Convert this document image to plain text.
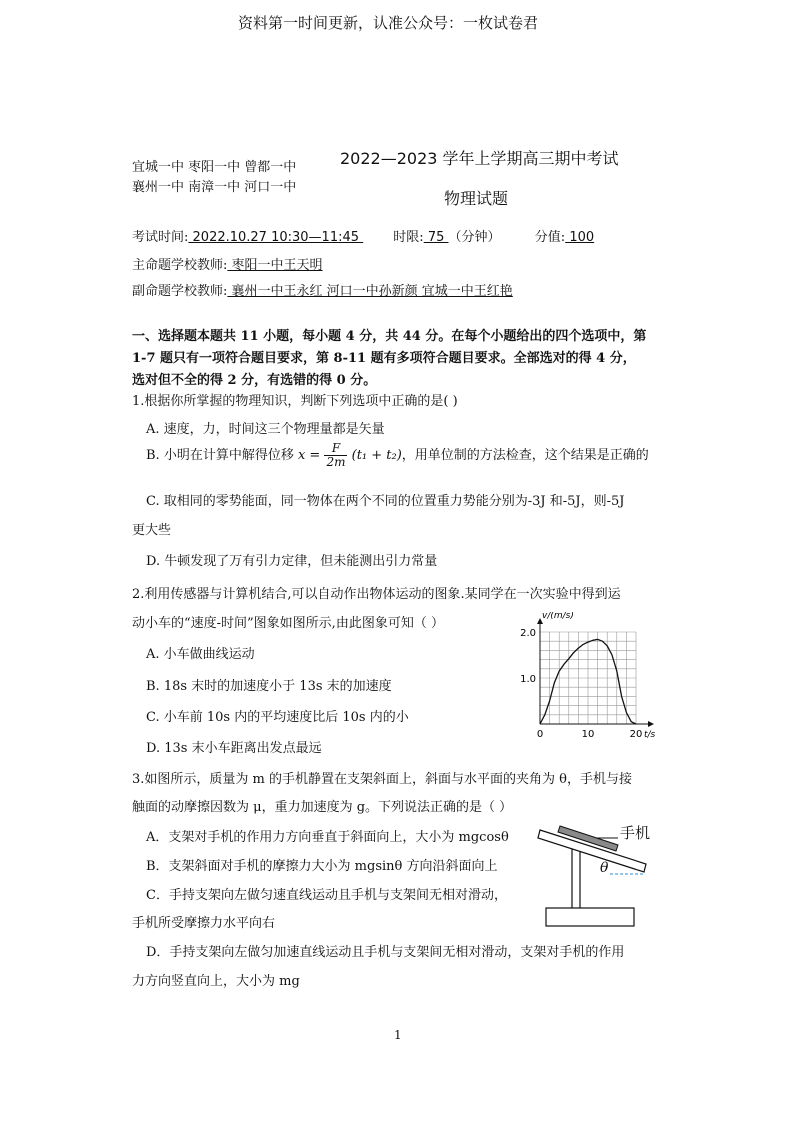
资料第一时间更新，认准公众号：一枚试卷君
宜城一中 枣阳一中 曾都一中
襄州一中 南漳一中 河口一中
2022—2023 学年上学期高三期中考试
物理试题
考试时间: 2022.10.27 10:30—11:45  时限: 75 （分钟）	分值: 100
主命题学校教师: 枣阳一中王天明
副命题学校教师: 襄州一中王永红 河口一中孙新颜 宜城一中王红艳
一、选择题本题共 11 小题，每小题 4 分，共 44 分。在每个小题给出的四个选项中，第
1-7 题只有一项符合题目要求，第 8-11 题有多项符合题目要求。全部选对的得 4 分，
选对但不全的得 2 分，有选错的得 0 分。
1.根据你所掌握的物理知识，判断下列选项中正确的是( )
A. 速度，力，时间这三个物理量都是矢量
B. 小明在计算中解得位移 $x = \frac{F}{2m} (t_1 + t_2)$，用单位制的方法检查，这个结果是正确的
C. 取相同的零势能面，同一物体在两个不同的位置重力势能分别为-3J 和-5J，则-5J
更大些
D. 牛顿发现了万有引力定律，但未能测出引力常量
2.利用传感器与计算机结合,可以自动作出物体运动的图象.某同学在一次实验中得到运
动小车的“速度-时间”图象如图所示,由此图象可知（ ）
A. 小车做曲线运动
B. 18s 末时的加速度小于 13s 末的加速度
C. 小车前 10s 内的平均速度比后 10s 内的小
D. 13s 末小车距离出发点最远
0	10	20
1.0
2.0
v/(m/s)
t/s
3.如图所示，质量为 m 的手机静置在支架斜面上，斜面与水平面的夹角为 θ，手机与接
触面的动摩擦因数为 μ，重力加速度为 g。下列说法正确的是（ ）
A．支架对手机的作用力方向垂直于斜面向上，大小为 mgcosθ
B．支架斜面对手机的摩擦力大小为 mgsinθ 方向沿斜面向上
C．手持支架向左做匀速直线运动且手机与支架间无相对滑动，
手机所受摩擦力水平向右
D．手持支架向左做匀加速直线运动且手机与支架间无相对滑动，支架对手机的作用
力方向竖直向上，大小为 mg
手机
θ
1
